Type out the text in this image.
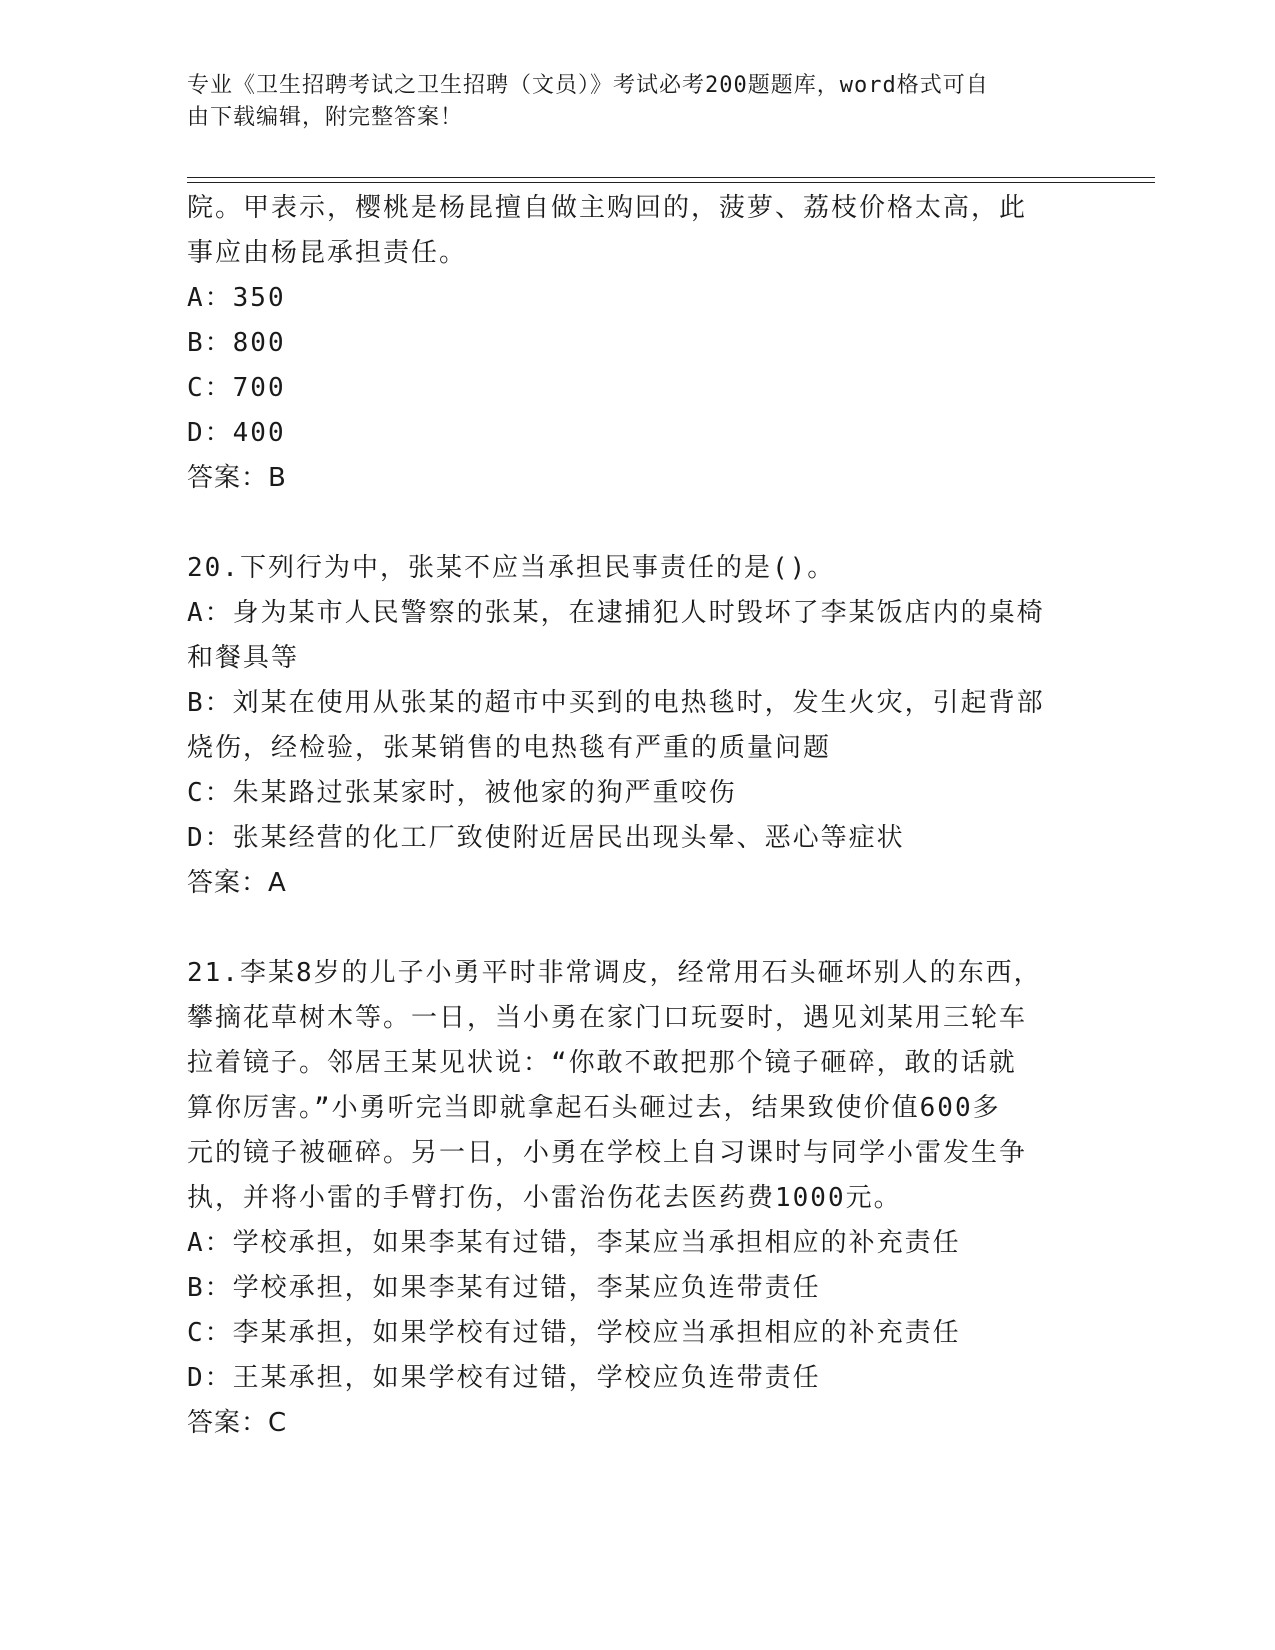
专业《卫生招聘考试之卫生招聘（文员）》考试必考200题题库，word格式可自
由下载编辑，附完整答案！
院。甲表示，樱桃是杨昆擅自做主购回的，菠萝、荔枝价格太高，此
事应由杨昆承担责任。
A：350
B：800
C：700
D：400
答案：B
20.下列行为中，张某不应当承担民事责任的是()。
A：身为某市人民警察的张某，在逮捕犯人时毁坏了李某饭店内的桌椅
和餐具等
B：刘某在使用从张某的超市中买到的电热毯时，发生火灾，引起背部
烧伤，经检验，张某销售的电热毯有严重的质量问题
C：朱某路过张某家时，被他家的狗严重咬伤
D：张某经营的化工厂致使附近居民出现头晕、恶心等症状
答案：A
21.李某8岁的儿子小勇平时非常调皮，经常用石头砸坏别人的东西，
攀摘花草树木等。一日，当小勇在家门口玩耍时，遇见刘某用三轮车
拉着镜子。邻居王某见状说：“你敢不敢把那个镜子砸碎，敢的话就
算你厉害。”小勇听完当即就拿起石头砸过去，结果致使价值600多
元的镜子被砸碎。另一日，小勇在学校上自习课时与同学小雷发生争
执，并将小雷的手臂打伤，小雷治伤花去医药费1000元。
A：学校承担，如果李某有过错，李某应当承担相应的补充责任
B：学校承担，如果李某有过错，李某应负连带责任
C：李某承担，如果学校有过错，学校应当承担相应的补充责任
D：王某承担，如果学校有过错，学校应负连带责任
答案：C
